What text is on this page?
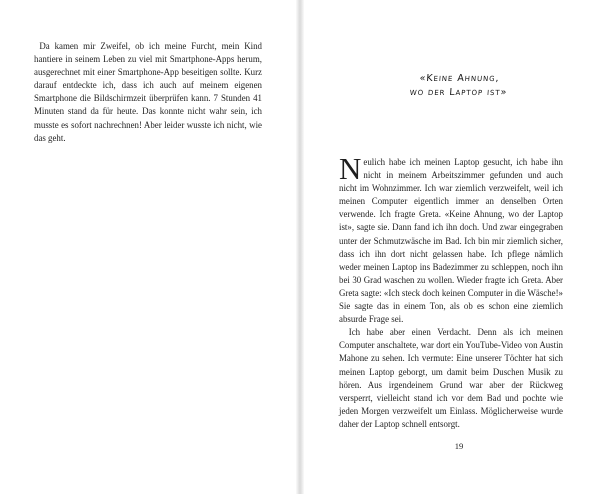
Da kamen mir Zweifel, ob ich meine Furcht, mein Kind hantiere in seinem Leben zu viel mit Smartphone-Apps herum, ausgerechnet mit einer Smartphone-App beseitigen sollte. Kurz darauf entdeckte ich, dass ich auch auf meinem eigenen Smartphone die Bildschirmzeit überprüfen kann. 7 Stunden 41 Minuten stand da für heute. Das konnte nicht wahr sein, ich musste es sofort nachrechnen! Aber leider wusste ich nicht, wie das geht.

«Keine Ahnung,
wo der Laptop ist»

Neulich habe ich meinen Laptop gesucht, ich habe ihn nicht in meinem Arbeitszimmer gefunden und auch nicht im Wohnzimmer. Ich war ziemlich verzweifelt, weil ich meinen Computer eigentlich immer an denselben Orten verwende. Ich fragte Greta. «Keine Ahnung, wo der Laptop ist», sagte sie. Dann fand ich ihn doch. Und zwar eingegraben unter der Schmutzwäsche im Bad. Ich bin mir ziemlich sicher, dass ich ihn dort nicht gelassen habe. Ich pflege nämlich weder meinen Laptop ins Badezimmer zu schleppen, noch ihn bei 30 Grad waschen zu wollen. Wieder fragte ich Greta. Aber Greta sagte: «Ich steck doch keinen Computer in die Wäsche!» Sie sagte das in einem Ton, als ob es schon eine ziemlich absurde Frage sei.

Ich habe aber einen Verdacht. Denn als ich meinen Computer anschaltete, war dort ein YouTube-Video von Austin Mahone zu sehen. Ich vermute: Eine unserer Töchter hat sich meinen Laptop geborgt, um damit beim Duschen Musik zu hören. Aus irgendeinem Grund war aber der Rückweg versperrt, vielleicht stand ich vor dem Bad und pochte wie jeden Morgen verzweifelt um Einlass. Möglicherweise wurde daher der Laptop schnell entsorgt.

19
